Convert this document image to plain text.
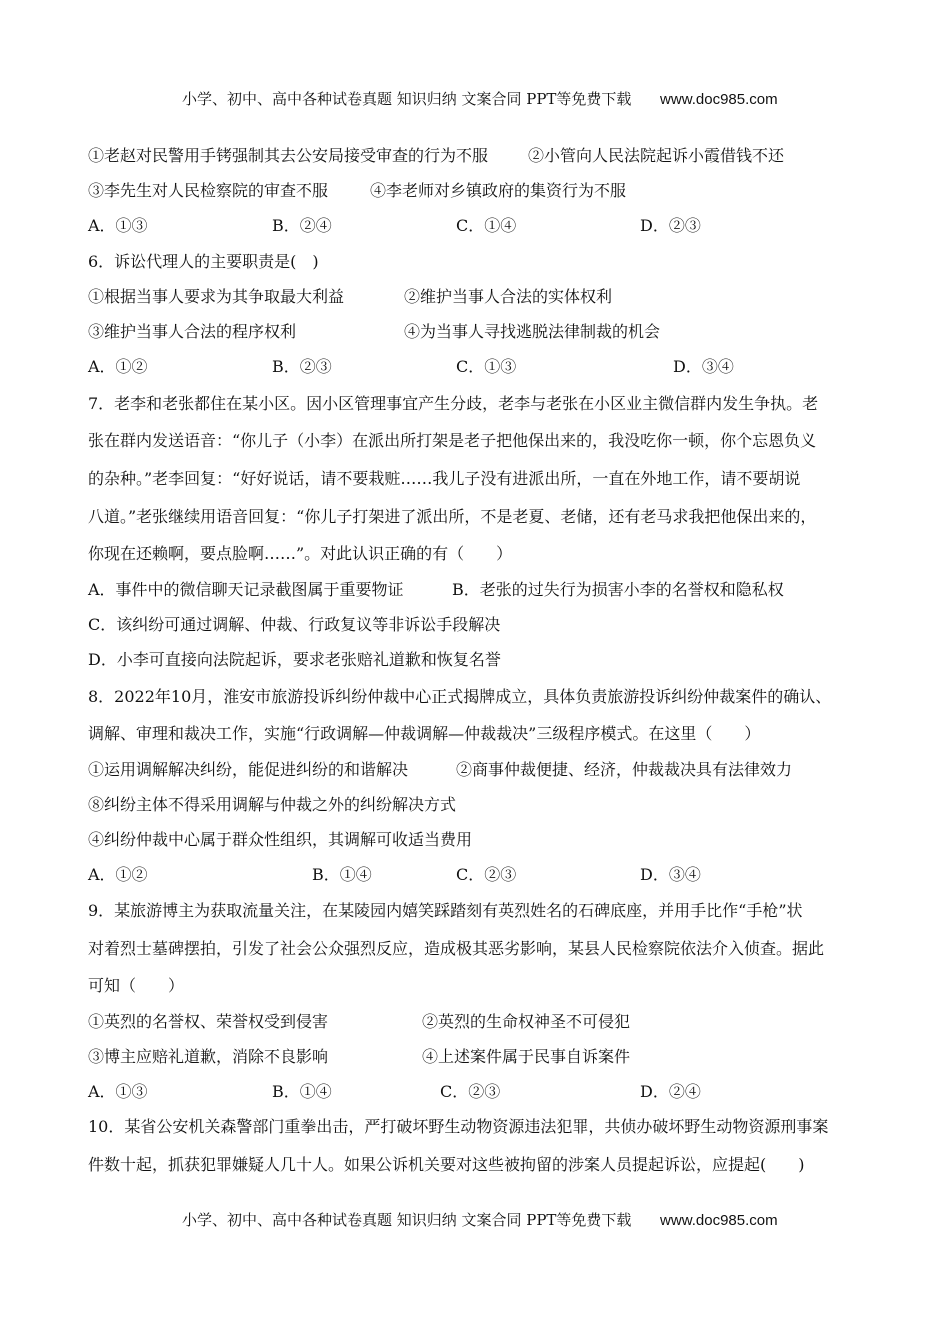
小学、初中、高中各种试卷真题 知识归纳 文案合同 PPT等免费下载 www.doc985.com

①老赵对民警用手铐强制其去公安局接受审查的行为不服 ②小管向人民法院起诉小霞借钱不还
③李先生对人民检察院的审查不服	④李老师对乡镇政府的集资行为不服
A．①③	B．②④	C．①④	D．②③
6．诉讼代理人的主要职责是(　)
①根据当事人要求为其争取最大利益	②维护当事人合法的实体权利
③维护当事人合法的程序权利	④为当事人寻找逃脱法律制裁的机会
A．①②	B．②③	C．①③	D．③④
7．老李和老张都住在某小区。因小区管理事宜产生分歧，老李与老张在小区业主微信群内发生争执。老
张在群内发送语音：“你儿子（小李）在派出所打架是老子把他保出来的，我没吃你一顿，你个忘恩负义
的杂种。”老李回复：“好好说话，请不要栽赃……我儿子没有进派出所，一直在外地工作，请不要胡说
八道。”老张继续用语音回复：“你儿子打架进了派出所，不是老夏、老储，还有老马求我把他保出来的，
你现在还赖啊，要点脸啊……”。对此认识正确的有（　　）
A．事件中的微信聊天记录截图属于重要物证	B．老张的过失行为损害小李的名誉权和隐私权
C．该纠纷可通过调解、仲裁、行政复议等非诉讼手段解决
D．小李可直接向法院起诉，要求老张赔礼道歉和恢复名誉
8．2022年10月，淮安市旅游投诉纠纷仲裁中心正式揭牌成立，具体负责旅游投诉纠纷仲裁案件的确认、
调解、审理和裁决工作，实施“行政调解—仲裁调解—仲裁裁决”三级程序模式。在这里（　　）
①运用调解解决纠纷，能促进纠纷的和谐解决	②商事仲裁便捷、经济，仲裁裁决具有法律效力
⑧纠纷主体不得采用调解与仲裁之外的纠纷解决方式
④纠纷仲裁中心属于群众性组织，其调解可收适当费用
A．①②	B．①④	C．②③	D．③④
9．某旅游博主为获取流量关注，在某陵园内嬉笑踩踏刻有英烈姓名的石碑底座，并用手比作“手枪”状
对着烈士墓碑摆拍，引发了社会公众强烈反应，造成极其恶劣影响，某县人民检察院依法介入侦查。据此
可知（　　）
①英烈的名誉权、荣誉权受到侵害	②英烈的生命权神圣不可侵犯
③博主应赔礼道歉，消除不良影响	④上述案件属于民事自诉案件
A．①③	B．①④	C．②③	D．②④
10．某省公安机关森警部门重拳出击，严打破坏野生动物资源违法犯罪，共侦办破坏野生动物资源刑事案
件数十起，抓获犯罪嫌疑人几十人。如果公诉机关要对这些被拘留的涉案人员提起诉讼，应提起(　　)

小学、初中、高中各种试卷真题 知识归纳 文案合同 PPT等免费下载 www.doc985.com
